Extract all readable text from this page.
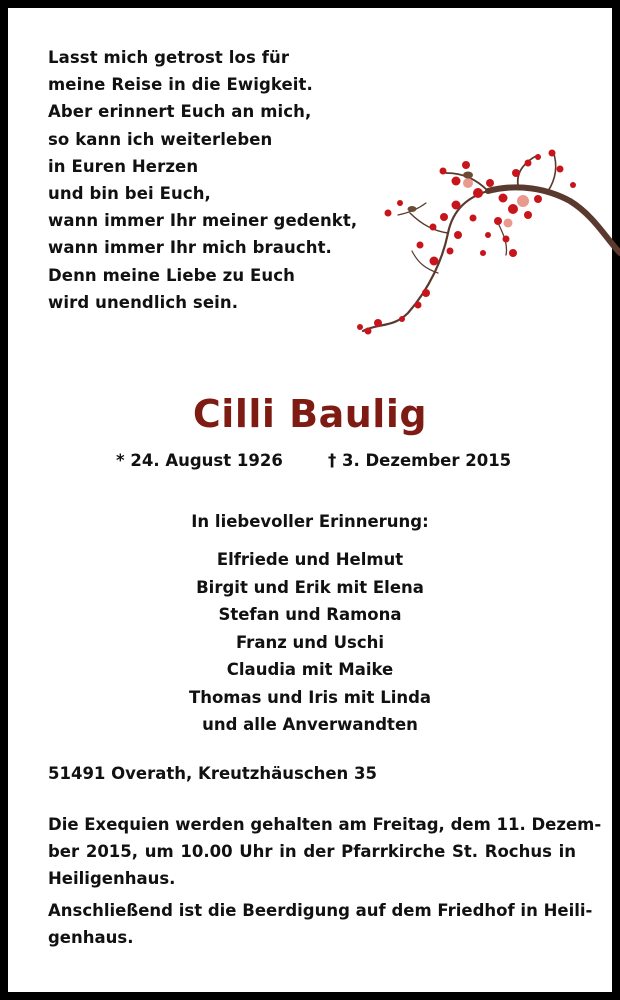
Lasst mich getrost los für
meine Reise in die Ewigkeit.
Aber erinnert Euch an mich,
so kann ich weiterleben
in Euren Herzen
und bin bei Euch,
wann immer Ihr meiner gedenkt,
wann immer Ihr mich braucht.
Denn meine Liebe zu Euch
wird unendlich sein.
Cilli Baulig
* 24. August 1926	† 3. Dezember 2015
In liebevoller Erinnerung:
Elfriede und Helmut
Birgit und Erik mit Elena
Stefan und Ramona
Franz und Uschi
Claudia mit Maike
Thomas und Iris mit Linda
und alle Anverwandten
51491 Overath, Kreutzhäuschen 35
Die Exequien werden gehalten am Freitag, dem 11. Dezem-
ber 2015, um 10.00 Uhr in der Pfarrkirche St. Rochus in
Heiligenhaus.
Anschließend ist die Beerdigung auf dem Friedhof in Heili-
genhaus.
